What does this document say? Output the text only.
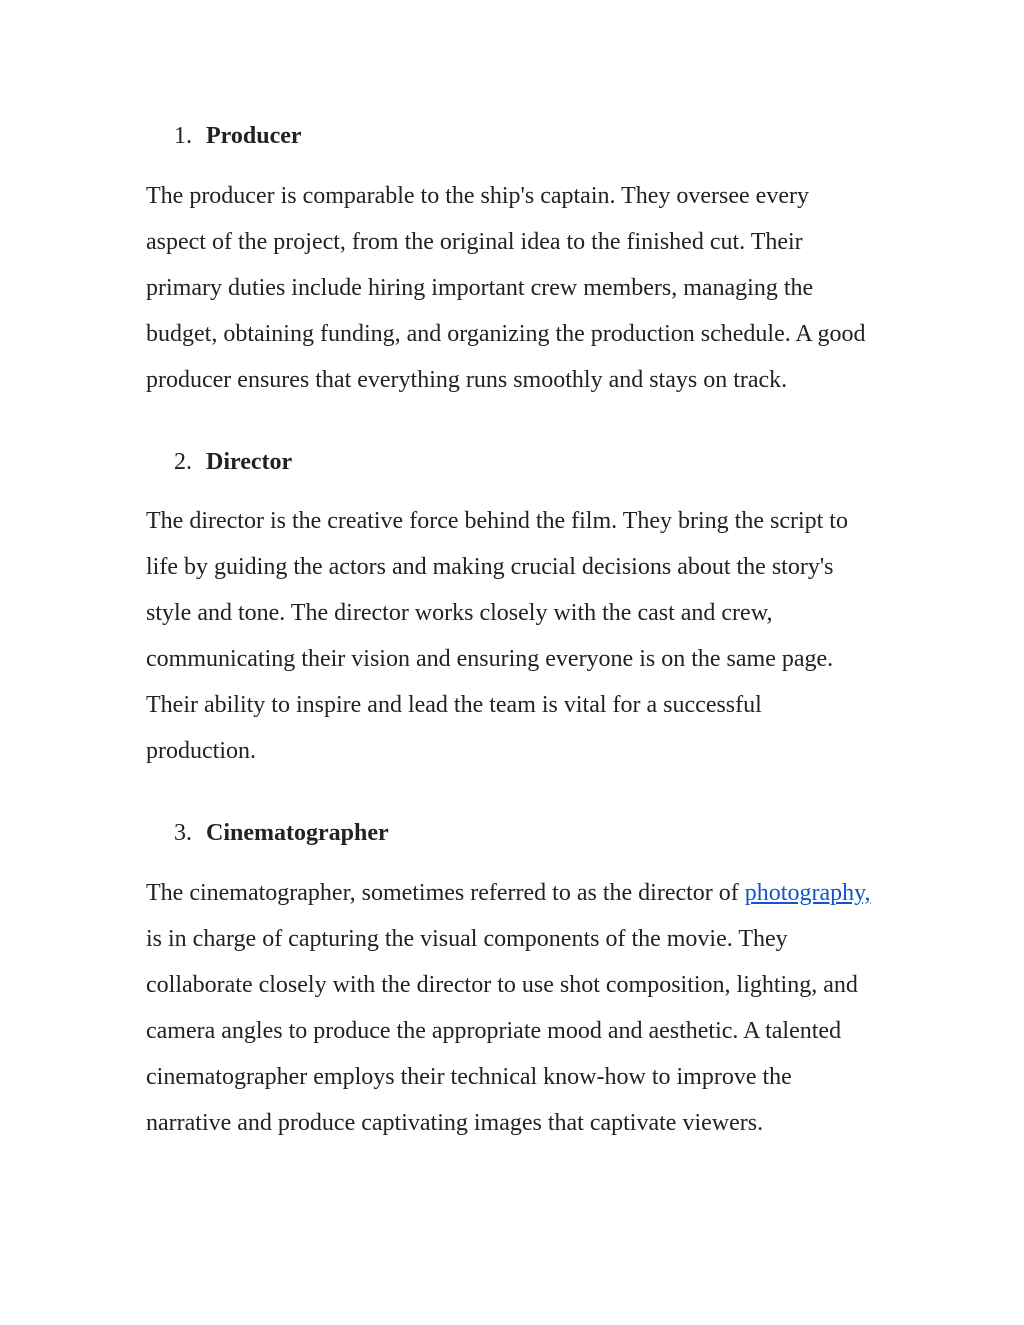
1. Producer

The producer is comparable to the ship's captain. They oversee every
aspect of the project, from the original idea to the finished cut. Their
primary duties include hiring important crew members, managing the
budget, obtaining funding, and organizing the production schedule. A good
producer ensures that everything runs smoothly and stays on track.

2. Director

The director is the creative force behind the film. They bring the script to
life by guiding the actors and making crucial decisions about the story's
style and tone. The director works closely with the cast and crew,
communicating their vision and ensuring everyone is on the same page.
Their ability to inspire and lead the team is vital for a successful
production.

3. Cinematographer

The cinematographer, sometimes referred to as the director of photography,
is in charge of capturing the visual components of the movie. They
collaborate closely with the director to use shot composition, lighting, and
camera angles to produce the appropriate mood and aesthetic. A talented
cinematographer employs their technical know-how to improve the
narrative and produce captivating images that captivate viewers.
